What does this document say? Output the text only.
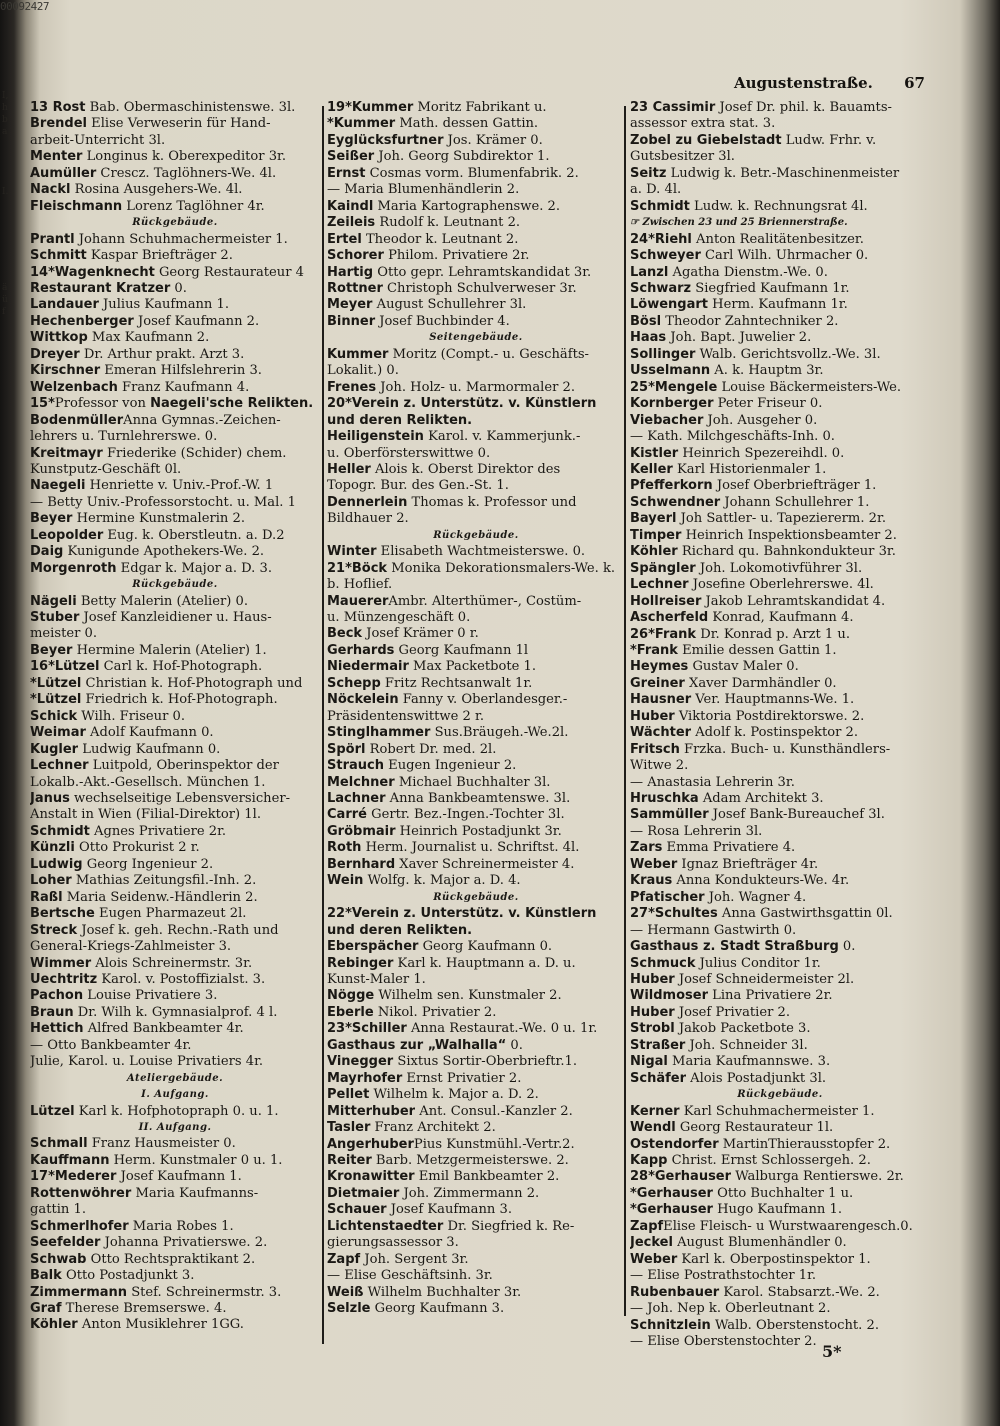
00092427
I,
h
b
a
I.
ä
ü
f
Augustenstraße. 67
13 Rost Bab. Obermaschinistenswe. 3l.
Brendel Elise Verweserin für Hand-
arbeit-Unterricht 3l.
Menter Longinus k. Oberexpeditor 3r.
Aumüller Crescz. Taglöhners-We. 4l.
Nackl Rosina Ausgehers-We. 4l.
Fleischmann Lorenz Taglöhner 4r.
Rückgebäude.
Prantl Johann Schuhmachermeister 1.
Schmitt Kaspar Briefträger 2.
14*Wagenknecht Georg Restaurateur 4
Restaurant Kratzer 0.
Landauer Julius Kaufmann 1.
Hechenberger Josef Kaufmann 2.
Wittkop Max Kaufmann 2.
Dreyer Dr. Arthur prakt. Arzt 3.
Kirschner Emeran Hilfslehrerin 3.
Welzenbach Franz Kaufmann 4.
15*Professor von Naegeli'sche Relikten.
BodenmüllerAnna Gymnas.-Zeichen-
lehrers u. Turnlehrerswe. 0.
Kreitmayr Friederike (Schider) chem.
Kunstputz-Geschäft 0l.
Naegeli Henriette v. Univ.-Prof.-W. 1
— Betty Univ.-Professorstocht. u. Mal. 1
Beyer Hermine Kunstmalerin 2.
Leopolder Eug. k. Oberstleutn. a. D.2
Daig Kunigunde Apothekers-We. 2.
Morgenroth Edgar k. Major a. D. 3.
Rückgebäude.
Nägeli Betty Malerin (Atelier) 0.
Stuber Josef Kanzleidiener u. Haus-
meister 0.
Beyer Hermine Malerin (Atelier) 1.
16*Lützel Carl k. Hof-Photograph.
*Lützel Christian k. Hof-Photograph und
*Lützel Friedrich k. Hof-Photograph.
Schick Wilh. Friseur 0.
Weimar Adolf Kaufmann 0.
Kugler Ludwig Kaufmann 0.
Lechner Luitpold, Oberinspektor der
Lokalb.-Akt.-Gesellsch. München 1.
Janus wechselseitige Lebensversicher-
Anstalt in Wien (Filial-Direktor) 1l.
Schmidt Agnes Privatiere 2r.
Künzli Otto Prokurist 2 r.
Ludwig Georg Ingenieur 2.
Loher Mathias Zeitungsfil.-Inh. 2.
Raßl Maria Seidenw.-Händlerin 2.
Bertsche Eugen Pharmazeut 2l.
Streck Josef k. geh. Rechn.-Rath und
General-Kriegs-Zahlmeister 3.
Wimmer Alois Schreinermstr. 3r.
Uechtritz Karol. v. Postoffizialst. 3.
Pachon Louise Privatiere 3.
Braun Dr. Wilh k. Gymnasialprof. 4 l.
Hettich Alfred Bankbeamter 4r.
— Otto Bankbeamter 4r.
Julie, Karol. u. Louise Privatiers 4r.
Ateliergebäude.
I. Aufgang.
Lützel Karl k. Hofphotopraph 0. u. 1.
II. Aufgang.
Schmall Franz Hausmeister 0.
Kauffmann Herm. Kunstmaler 0 u. 1.
17*Mederer Josef Kaufmann 1.
Rottenwöhrer Maria Kaufmanns-
gattin 1.
Schmerlhofer Maria Robes 1.
Seefelder Johanna Privatierswe. 2.
Schwab Otto Rechtspraktikant 2.
Balk Otto Postadjunkt 3.
Zimmermann Stef. Schreinermstr. 3.
Graf Therese Bremserswe. 4.
Köhler Anton Musiklehrer 1GG.
19*Kummer Moritz Fabrikant u.
*Kummer Math. dessen Gattin.
Eyglücksfurtner Jos. Krämer 0.
Seißer Joh. Georg Subdirektor 1.
Ernst Cosmas vorm. Blumenfabrik. 2.
— Maria Blumenhändlerin 2.
Kaindl Maria Kartographenswe. 2.
Zeileis Rudolf k. Leutnant 2.
Ertel Theodor k. Leutnant 2.
Schorer Philom. Privatiere 2r.
Hartig Otto gepr. Lehramtskandidat 3r.
Rottner Christoph Schulverweser 3r.
Meyer August Schullehrer 3l.
Binner Josef Buchbinder 4.
Seitengebäude.
Kummer Moritz (Compt.- u. Geschäfts-
Lokalit.) 0.
Frenes Joh. Holz- u. Marmormaler 2.
20*Verein z. Unterstütz. v. Künstlern
und deren Relikten.
Heiligenstein Karol. v. Kammerjunk.-
u. Oberförsterswittwe 0.
Heller Alois k. Oberst Direktor des
Topogr. Bur. des Gen.-St. 1.
Dennerlein Thomas k. Professor und
Bildhauer 2.
Rückgebäude.
Winter Elisabeth Wachtmeisterswe. 0.
21*Böck Monika Dekorationsmalers-We. k.
b. Hoflief.
MauererAmbr. Alterthümer-, Costüm-
u. Münzengeschäft 0.
Beck Josef Krämer 0 r.
Gerhards Georg Kaufmann 1l
Niedermair Max Packetbote 1.
Schepp Fritz Rechtsanwalt 1r.
Nöckelein Fanny v. Oberlandesger.-
Präsidentenswittwe 2 r.
Stinglhammer Sus.Bräugeh.-We.2l.
Spörl Robert Dr. med. 2l.
Strauch Eugen Ingenieur 2.
Melchner Michael Buchhalter 3l.
Lachner Anna Bankbeamtenswe. 3l.
Carré Gertr. Bez.-Ingen.-Tochter 3l.
Gröbmair Heinrich Postadjunkt 3r.
Roth Herm. Journalist u. Schriftst. 4l.
Bernhard Xaver Schreinermeister 4.
Wein Wolfg. k. Major a. D. 4.
Rückgebäude.
22*Verein z. Unterstütz. v. Künstlern
und deren Relikten.
Eberspächer Georg Kaufmann 0.
Rebinger Karl k. Hauptmann a. D. u.
Kunst-Maler 1.
Nögge Wilhelm sen. Kunstmaler 2.
Eberle Nikol. Privatier 2.
23*Schiller Anna Restaurat.-We. 0 u. 1r.
Gasthaus zur „Walhalla“ 0.
Vinegger Sixtus Sortir-Oberbrieftr.1.
Mayrhofer Ernst Privatier 2.
Pellet Wilhelm k. Major a. D. 2.
Mitterhuber Ant. Consul.-Kanzler 2.
Tasler Franz Architekt 2.
AngerhuberPius Kunstmühl.-Vertr.2.
Reiter Barb. Metzgermeisterswe. 2.
Kronawitter Emil Bankbeamter 2.
Dietmaier Joh. Zimmermann 2.
Schauer Josef Kaufmann 3.
Lichtenstaedter Dr. Siegfried k. Re-
gierungsassessor 3.
Zapf Joh. Sergent 3r.
— Elise Geschäftsinh. 3r.
Weiß Wilhelm Buchhalter 3r.
Selzle Georg Kaufmann 3.
23 Cassimir Josef Dr. phil. k. Bauamts-
assessor extra stat. 3.
Zobel zu Giebelstadt Ludw. Frhr. v.
Gutsbesitzer 3l.
Seitz Ludwig k. Betr.-Maschinenmeister
a. D. 4l.
Schmidt Ludw. k. Rechnungsrat 4l.
☞ Zwischen 23 und 25 Briennerstraße.
24*Riehl Anton Realitätenbesitzer.
Schweyer Carl Wilh. Uhrmacher 0.
Lanzl Agatha Dienstm.-We. 0.
Schwarz Siegfried Kaufmann 1r.
Löwengart Herm. Kaufmann 1r.
Bösl Theodor Zahntechniker 2.
Haas Joh. Bapt. Juwelier 2.
Sollinger Walb. Gerichtsvollz.-We. 3l.
Usselmann A. k. Hauptm 3r.
25*Mengele Louise Bäckermeisters-We.
Kornberger Peter Friseur 0.
Viebacher Joh. Ausgeher 0.
— Kath. Milchgeschäfts-Inh. 0.
Kistler Heinrich Spezereihdl. 0.
Keller Karl Historienmaler 1.
Pfefferkorn Josef Oberbriefträger 1.
Schwendner Johann Schullehrer 1.
Bayerl Joh Sattler- u. Tapeziererm. 2r.
Timper Heinrich Inspektionsbeamter 2.
Köhler Richard qu. Bahnkondukteur 3r.
Spängler Joh. Lokomotivführer 3l.
Lechner Josefine Oberlehrerswe. 4l.
Hollreiser Jakob Lehramtskandidat 4.
Ascherfeld Konrad, Kaufmann 4.
26*Frank Dr. Konrad p. Arzt 1 u.
*Frank Emilie dessen Gattin 1.
Heymes Gustav Maler 0.
Greiner Xaver Darmhändler 0.
Hausner Ver. Hauptmanns-We. 1.
Huber Viktoria Postdirektorswe. 2.
Wächter Adolf k. Postinspektor 2.
Fritsch Frzka. Buch- u. Kunsthändlers-
Witwe 2.
— Anastasia Lehrerin 3r.
Hruschka Adam Architekt 3.
Sammüller Josef Bank-Bureauchef 3l.
— Rosa Lehrerin 3l.
Zars Emma Privatiere 4.
Weber Ignaz Briefträger 4r.
Kraus Anna Kondukteurs-We. 4r.
Pfatischer Joh. Wagner 4.
27*Schultes Anna Gastwirthsgattin 0l.
— Hermann Gastwirth 0.
Gasthaus z. Stadt Straßburg 0.
Schmuck Julius Conditor 1r.
Huber Josef Schneidermeister 2l.
Wildmoser Lina Privatiere 2r.
Huber Josef Privatier 2.
Strobl Jakob Packetbote 3.
Straßer Joh. Schneider 3l.
Nigal Maria Kaufmannswe. 3.
Schäfer Alois Postadjunkt 3l.
Rückgebäude.
Kerner Karl Schuhmachermeister 1.
Wendl Georg Restaurateur 1l.
Ostendorfer MartinThierausstopfer 2.
Kapp Christ. Ernst Schlossergeh. 2.
28*Gerhauser Walburga Rentierswe. 2r.
*Gerhauser Otto Buchhalter 1 u.
*Gerhauser Hugo Kaufmann 1.
ZapfElise Fleisch- u Wurstwaarengesch.0.
Jeckel August Blumenhändler 0.
Weber Karl k. Oberpostinspektor 1.
— Elise Postrathstochter 1r.
Rubenbauer Karol. Stabsarzt.-We. 2.
— Joh. Nep k. Oberleutnant 2.
Schnitzlein Walb. Oberstenstocht. 2.
— Elise Oberstenstochter 2.
5*
